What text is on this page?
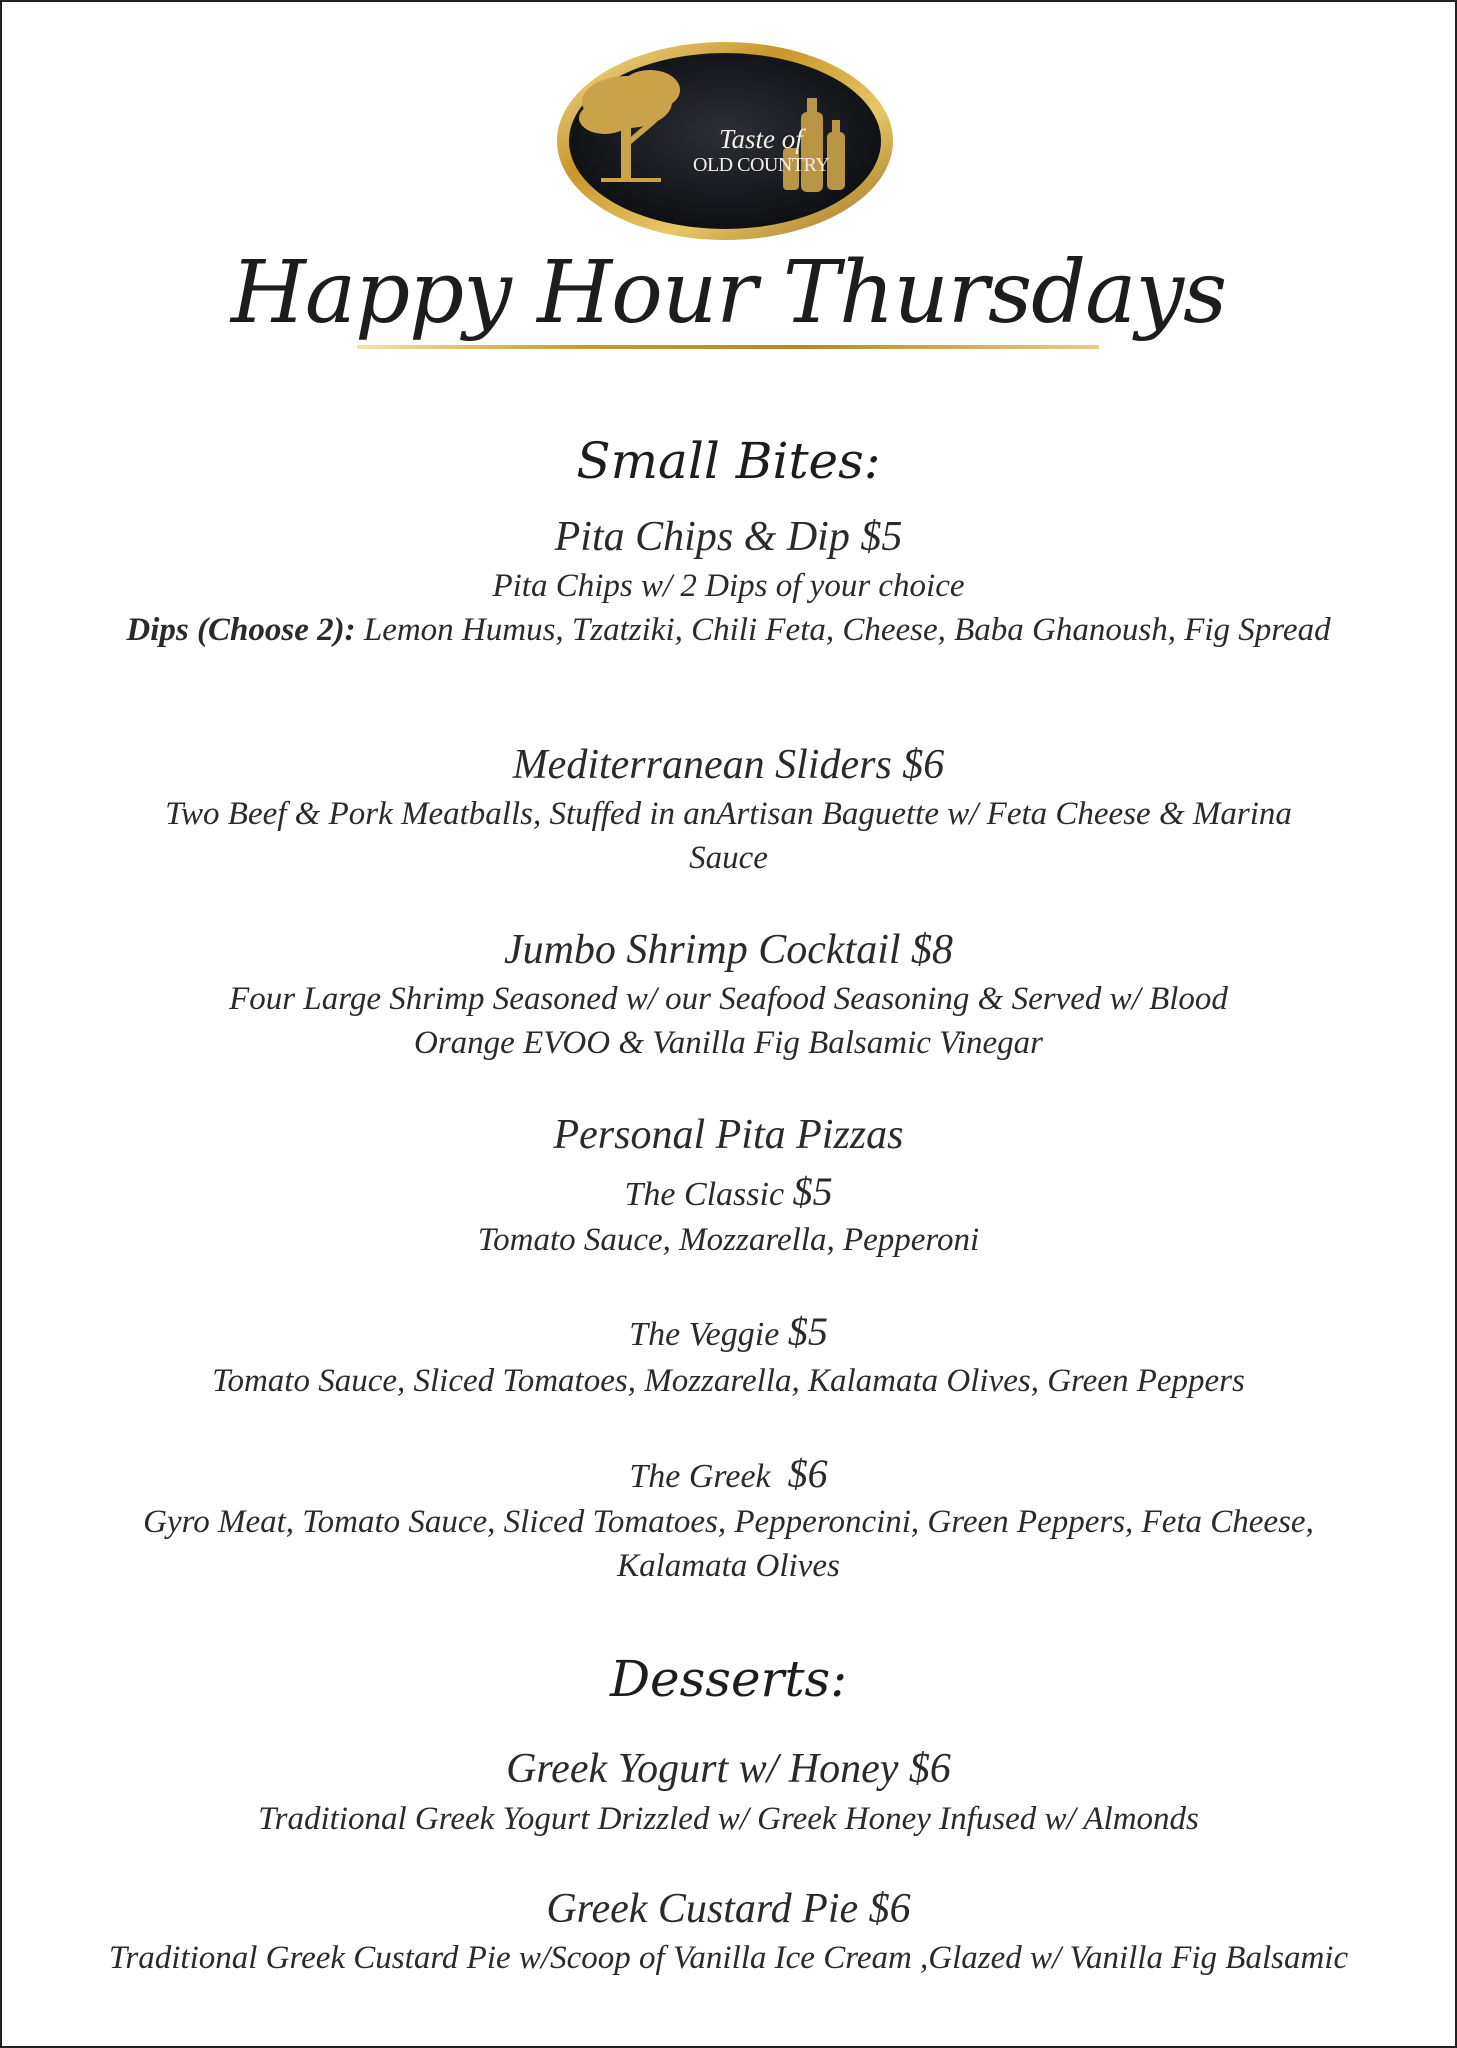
Taste of
OLD COUNTRY
Happy Hour Thursdays
Small Bites:
Pita Chips & Dip $5
Pita Chips w/ 2 Dips of your choice
Dips (Choose 2): Lemon Humus, Tzatziki, Chili Feta, Cheese, Baba Ghanoush, Fig Spread
Mediterranean Sliders $6
Two Beef & Pork Meatballs, Stuffed in anArtisan Baguette w/ Feta Cheese & Marina Sauce
Jumbo Shrimp Cocktail $8
Four Large Shrimp Seasoned w/ our Seafood Seasoning & Served w/ Blood Orange EVOO & Vanilla Fig Balsamic Vinegar
Personal Pita Pizzas
The Classic $5
Tomato Sauce, Mozzarella, Pepperoni
The Veggie $5
Tomato Sauce, Sliced Tomatoes, Mozzarella, Kalamata Olives, Green Peppers
The Greek $6
Gyro Meat, Tomato Sauce, Sliced Tomatoes, Pepperoncini, Green Peppers, Feta Cheese, Kalamata Olives
Desserts:
Greek Yogurt w/ Honey $6
Traditional Greek Yogurt Drizzled w/ Greek Honey Infused w/ Almonds
Greek Custard Pie $6
Traditional Greek Custard Pie w/Scoop of Vanilla Ice Cream ,Glazed w/ Vanilla Fig Balsamic
